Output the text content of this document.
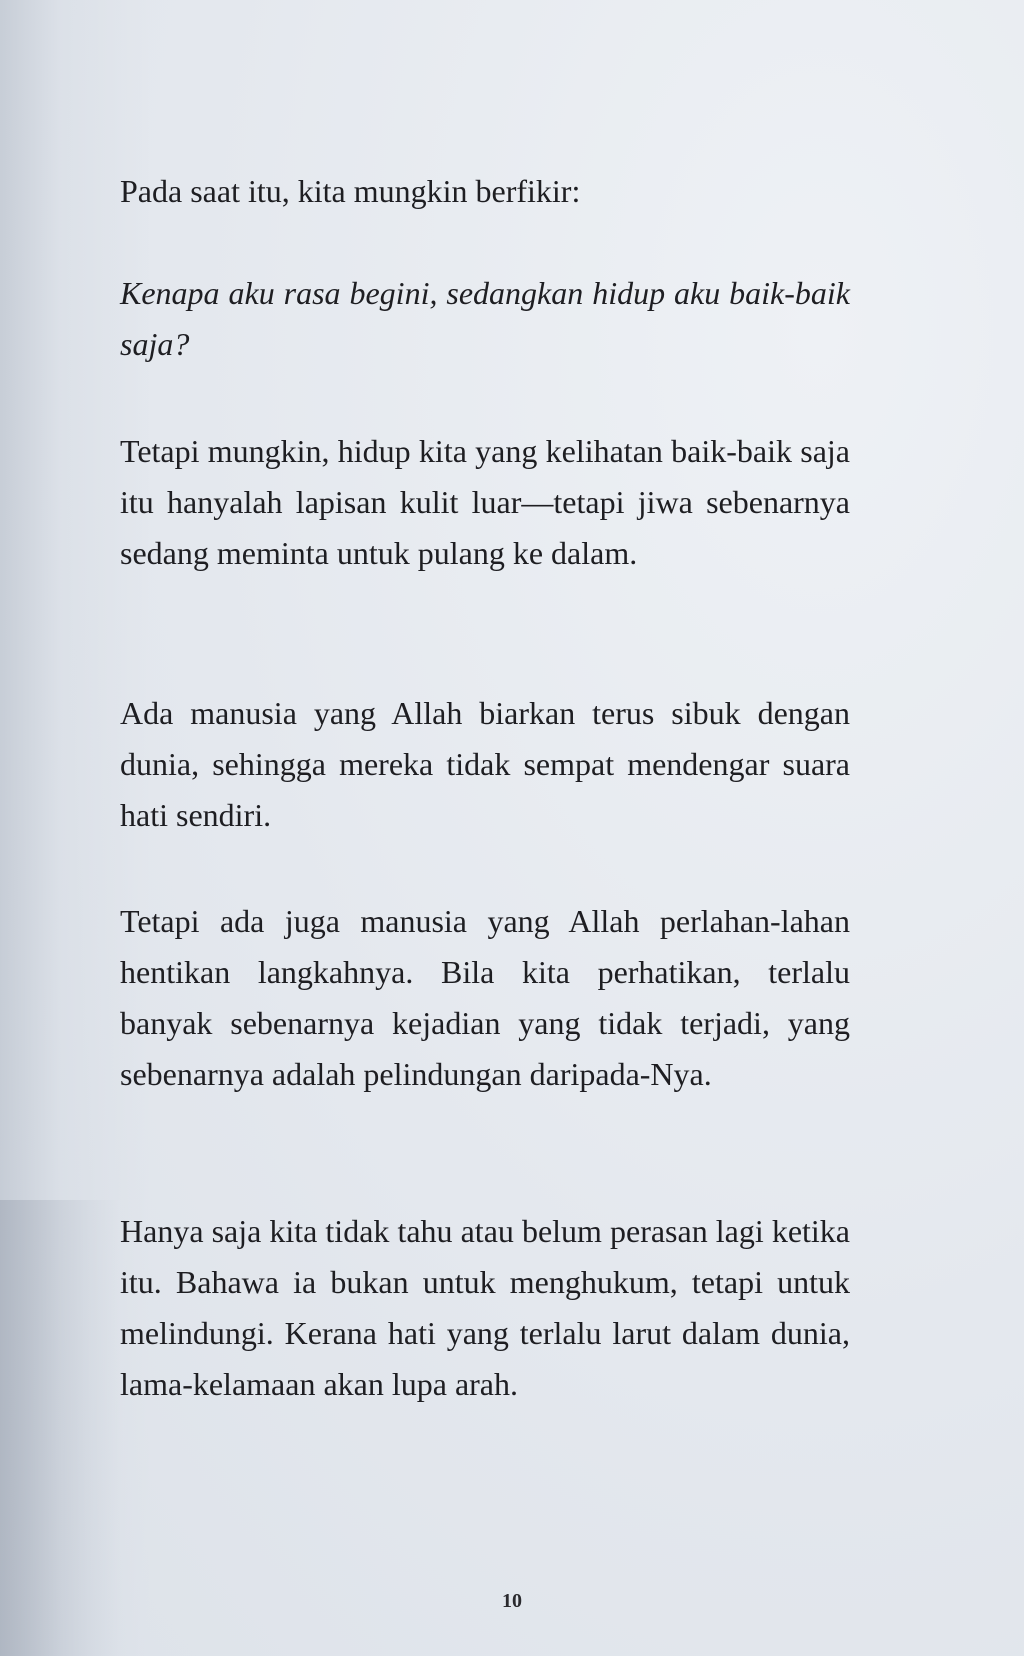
Pada saat itu, kita mungkin berfikir:

Kenapa aku rasa begini, sedangkan hidup aku baik-baik saja?

Tetapi mungkin, hidup kita yang kelihatan baik-baik saja itu hanyalah lapisan kulit luar—tetapi jiwa sebenarnya sedang meminta untuk pulang ke dalam.

Ada manusia yang Allah biarkan terus sibuk dengan dunia, sehingga mereka tidak sempat mendengar suara hati sendiri.

Tetapi ada juga manusia yang Allah perlahan-lahan hentikan langkahnya. Bila kita perhatikan, terlalu banyak sebenarnya kejadian yang tidak terjadi, yang sebenarnya adalah pelindungan daripada-Nya.

Hanya saja kita tidak tahu atau belum perasan lagi ketika itu. Bahawa ia bukan untuk menghukum, tetapi untuk melindungi. Kerana hati yang terlalu larut dalam dunia, lama-kelamaan akan lupa arah.

10
